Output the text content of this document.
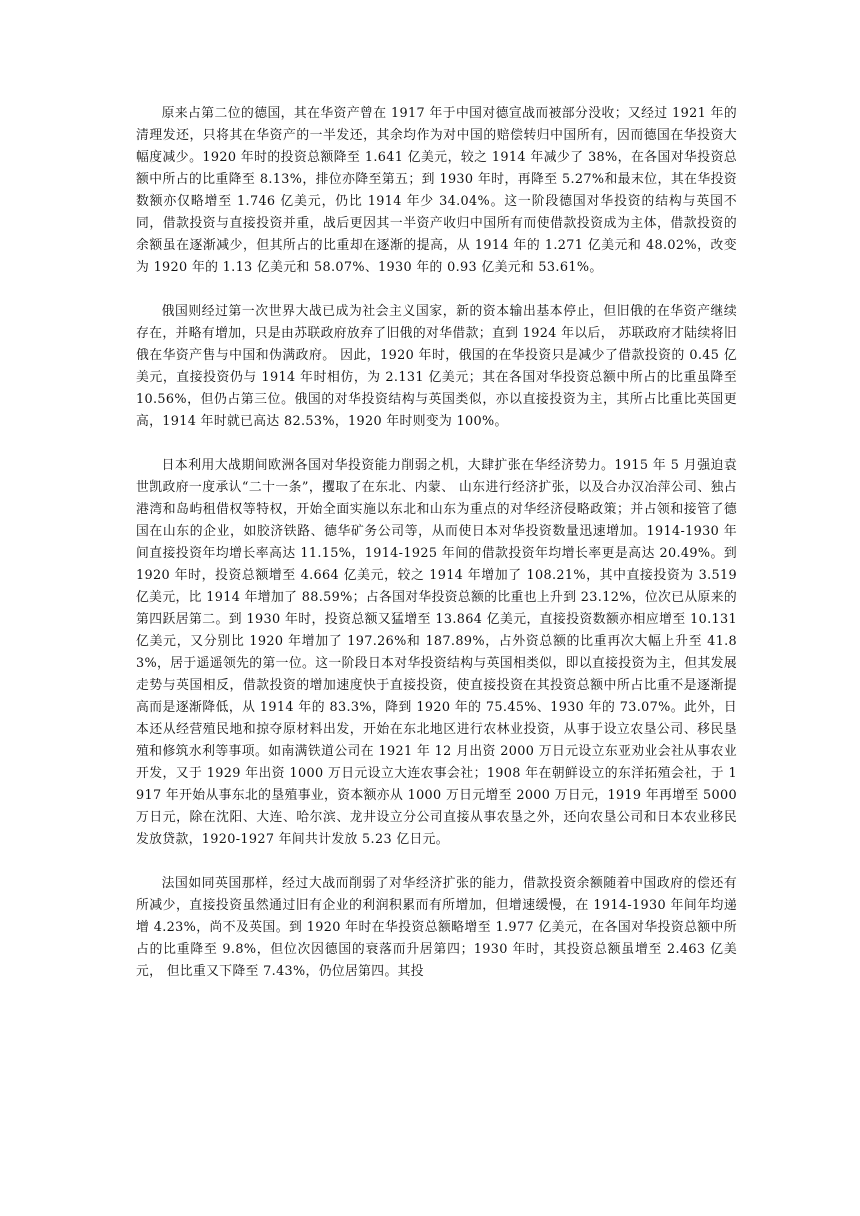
原来占第二位的德国，其在华资产曾在 1917 年于中国对德宣战而被部分没收；又经过 1921 年的清理发还，只将其在华资产的一半发还，其余均作为对中国的赔偿转归中国所有，因而德国在华投资大幅度减少。1920 年时的投资总额降至 1.641 亿美元，较之 1914 年减少了 38%，在各国对华投资总额中所占的比重降至 8.13%，排位亦降至第五；到 1930 年时，再降至 5.27%和最末位，其在华投资数额亦仅略增至 1.746 亿美元，仍比 1914 年少 34.04%。这一阶段德国对华投资的结构与英国不同，借款投资与直接投资并重，战后更因其一半资产收归中国所有而使借款投资成为主体，借款投资的余额虽在逐渐减少，但其所占的比重却在逐渐的提高，从 1914 年的 1.271 亿美元和 48.02%，改变为 1920 年的 1.13 亿美元和 58.07%、1930 年的 0.93 亿美元和 53.61%。

俄国则经过第一次世界大战已成为社会主义国家，新的资本输出基本停止，但旧俄的在华资产继续存在，并略有增加，只是由苏联政府放弃了旧俄的对华借款；直到 1924 年以后， 苏联政府才陆续将旧俄在华资产售与中国和伪满政府。 因此，1920 年时，俄国的在华投资只是减少了借款投资的 0.45 亿美元，直接投资仍与 1914 年时相仿，为 2.131 亿美元；其在各国对华投资总额中所占的比重虽降至 10.56%，但仍占第三位。俄国的对华投资结构与英国类似，亦以直接投资为主，其所占比重比英国更高，1914 年时就已高达 82.53%，1920 年时则变为 100%。

日本利用大战期间欧洲各国对华投资能力削弱之机，大肆扩张在华经济势力。1915 年 5 月强迫袁世凯政府一度承认“二十一条”，攫取了在东北、内蒙、 山东进行经济扩张，以及合办汉冶萍公司、独占港湾和岛屿租借权等特权，开始全面实施以东北和山东为重点的对华经济侵略政策；并占领和接管了德国在山东的企业，如胶济铁路、德华矿务公司等，从而使日本对华投资数量迅速增加。1914-1930 年间直接投资年均增长率高达 11.15%，1914-1925 年间的借款投资年均增长率更是高达 20.49%。到 1920 年时，投资总额增至 4.664 亿美元，较之 1914 年增加了 108.21%，其中直接投资为 3.519 亿美元，比 1914 年增加了 88.59%；占各国对华投资总额的比重也上升到 23.12%，位次已从原来的第四跃居第二。到 1930 年时，投资总额又猛增至 13.864 亿美元，直接投资数额亦相应增至 10.131 亿美元，又分别比 1920 年增加了 197.26%和 187.89%，占外资总额的比重再次大幅上升至 41.83%，居于遥遥领先的第一位。这一阶段日本对华投资结构与英国相类似，即以直接投资为主，但其发展走势与英国相反，借款投资的增加速度快于直接投资，使直接投资在其投资总额中所占比重不是逐渐提高而是逐渐降低，从 1914 年的 83.3%，降到 1920 年的 75.45%、1930 年的 73.07%。此外，日本还从经营殖民地和掠夺原材料出发，开始在东北地区进行农林业投资，从事于设立农垦公司、移民垦殖和修筑水利等事项。如南满铁道公司在 1921 年 12 月出资 2000 万日元设立东亚劝业会社从事农业开发，又于 1929 年出资 1000 万日元设立大连农事会社；1908 年在朝鲜设立的东洋拓殖会社，于 1917 年开始从事东北的垦殖事业，资本额亦从 1000 万日元增至 2000 万日元，1919 年再增至 5000 万日元，除在沈阳、大连、哈尔滨、龙井设立分公司直接从事农垦之外，还向农垦公司和日本农业移民发放贷款，1920-1927 年间共计发放 5.23 亿日元。

法国如同英国那样，经过大战而削弱了对华经济扩张的能力，借款投资余额随着中国政府的偿还有所减少，直接投资虽然通过旧有企业的利润积累而有所增加，但增速缓慢，在 1914-1930 年间年均递增 4.23%，尚不及英国。到 1920 年时在华投资总额略增至 1.977 亿美元，在各国对华投资总额中所占的比重降至 9.8%，但位次因德国的衰落而升居第四；1930 年时，其投资总额虽增至 2.463 亿美元， 但比重又下降至 7.43%，仍位居第四。其投
